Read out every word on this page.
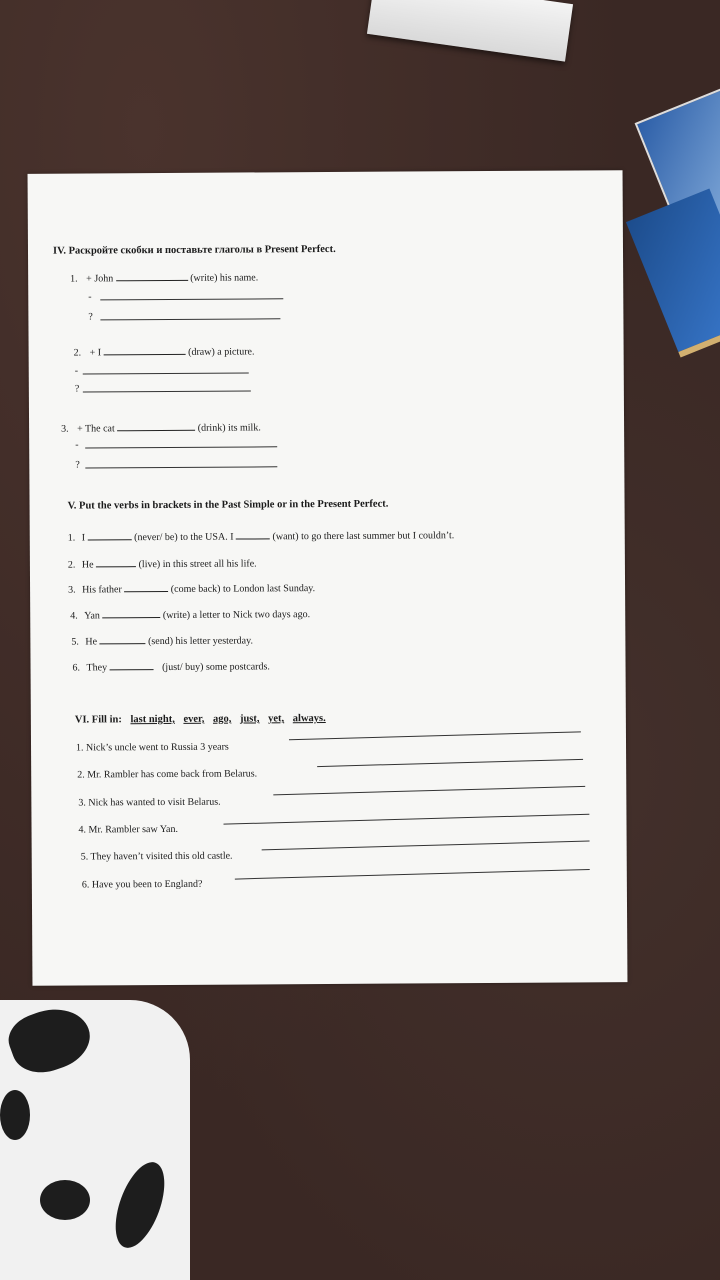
IV. Раскройте скобки и поставьте глаголы в Present Perfect.
1. + John	(write) his name.
-
?
2. + I	(draw) a picture.
-
?
3. + The cat	(drink) its milk.
-
?
V. Put the verbs in brackets in the Past Simple or in the Present Perfect.
1. I	(never/ be) to the USA. I	(want) to go there last summer but I couldn’t.
2. He	(live) in this street all his life.
3. His father	(come back) to London last Sunday.
4. Yan	(write) a letter to Nick two days ago.
5. He	(send) his letter yesterday.
6. They	(just/ buy) some postcards.
VI. Fill in: last night, ever, ago, just, yet, always.
1. Nick’s uncle went to Russia 3 years
2. Mr. Rambler has come back from Belarus.
3. Nick has wanted to visit Belarus.
4. Mr. Rambler saw Yan.
5. They haven’t visited this old castle.
6. Have you been to England?
